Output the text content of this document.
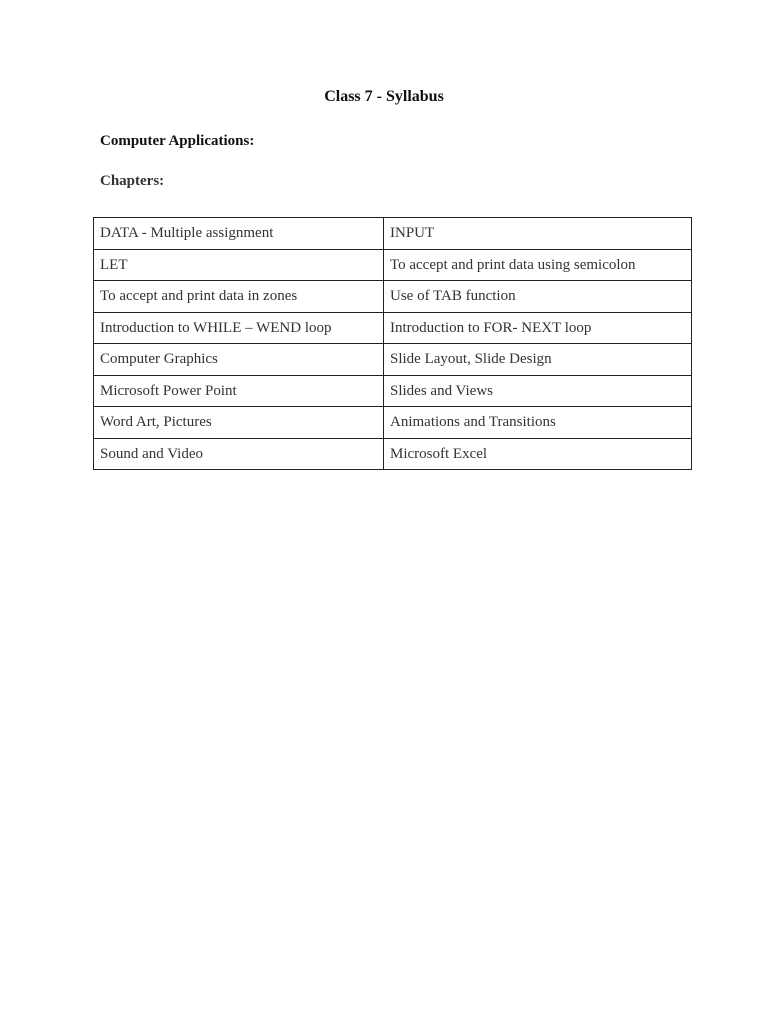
Class 7 - Syllabus
Computer Applications:
Chapters:
DATA - Multiple assignment	INPUT
LET	To accept and print data using semicolon
To accept and print data in zones	Use of TAB function
Introduction to WHILE – WEND loop	Introduction to FOR- NEXT loop
Computer Graphics	Slide Layout, Slide Design
Microsoft Power Point	Slides and Views
Word Art, Pictures	Animations and Transitions
Sound and Video	Microsoft Excel
